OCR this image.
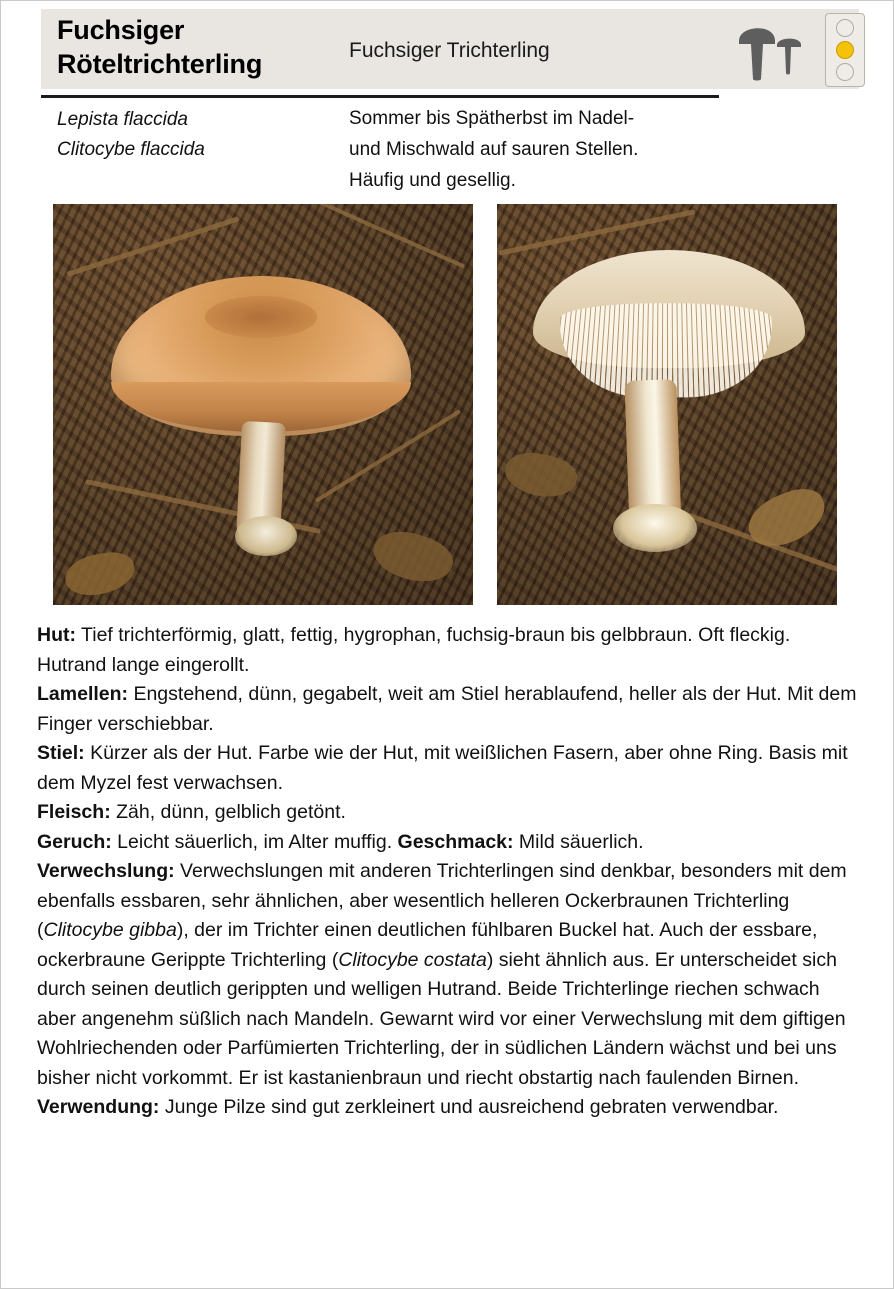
Fuchsiger Röteltrichterling	Fuchsiger Trichterling
Lepista flaccida
Clitocybe flaccida
Sommer bis Spätherbst im Nadel-
und Mischwald auf sauren Stellen.
Häufig und gesellig.

Hut: Tief trichterförmig, glatt, fettig, hygrophan, fuchsig-braun bis gelbbraun. Oft fleckig. Hutrand lange eingerollt.

Lamellen: Engstehend, dünn, gegabelt, weit am Stiel herablaufend, heller als der Hut. Mit dem Finger verschiebbar.

Stiel: Kürzer als der Hut. Farbe wie der Hut, mit weißlichen Fasern, aber ohne Ring. Basis mit dem Myzel fest verwachsen.

Fleisch: Zäh, dünn, gelblich getönt.

Geruch: Leicht säuerlich, im Alter muffig. Geschmack: Mild säuerlich.

Verwechslung: Verwechslungen mit anderen Trichterlingen sind denkbar, besonders mit dem ebenfalls essbaren, sehr ähnlichen, aber wesentlich helleren Ockerbraunen Trichterling (Clitocybe gibba), der im Trichter einen deutlichen fühlbaren Buckel hat. Auch der essbare, ockerbraune Gerippte Trichterling (Clitocybe costata) sieht ähnlich aus. Er unterscheidet sich durch seinen deutlich gerippten und welligen Hutrand. Beide Trichterlinge riechen schwach aber angenehm süßlich nach Mandeln. Gewarnt wird vor einer Verwechslung mit dem giftigen Wohlriechenden oder Parfümierten Trichterling, der in südlichen Ländern wächst und bei uns bisher nicht vorkommt. Er ist kastanienbraun und riecht obstartig nach faulenden Birnen.

Verwendung: Junge Pilze sind gut zerkleinert und ausreichend gebraten verwendbar.
